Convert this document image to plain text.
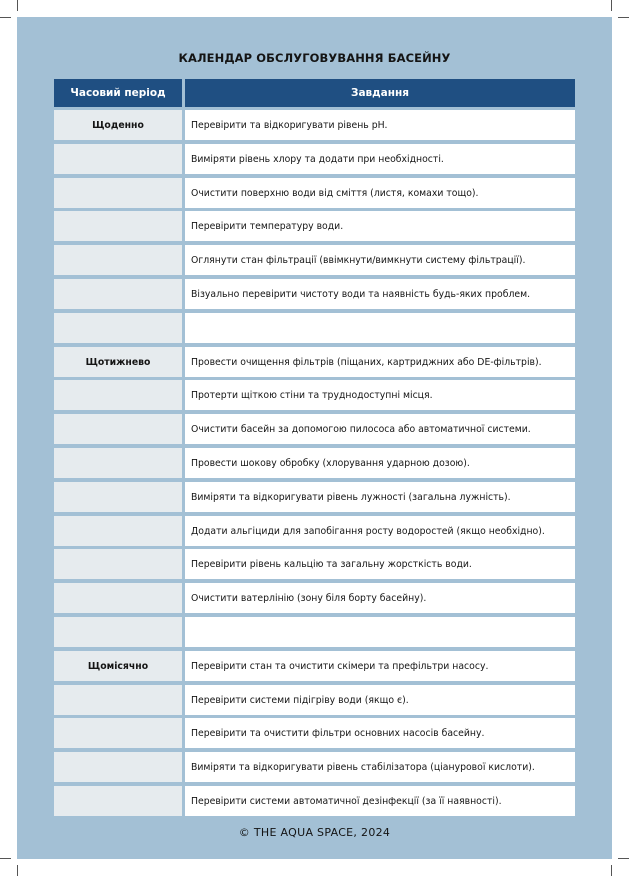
КАЛЕНДАР ОБСЛУГОВУВАННЯ БАСЕЙНУ
Часовий період	Завдання
Щоденно	Перевірити та відкоригувати рівень pH.
Виміряти рівень хлору та додати при необхідності.
Очистити поверхню води від сміття (листя, комахи тощо).
Перевірити температуру води.
Оглянути стан фільтрації (ввімкнути/вимкнути систему фільтрації).
Візуально перевірити чистоту води та наявність будь-яких проблем.
Щотижнево	Провести очищення фільтрів (піщаних, картриджних або DE-фільтрів).
Протерти щіткою стіни та труднодоступні місця.
Очистити басейн за допомогою пилососа або автоматичної системи.
Провести шокову обробку (хлорування ударною дозою).
Виміряти та відкоригувати рівень лужності (загальна лужність).
Додати альгіциди для запобігання росту водоростей (якщо необхідно).
Перевірити рівень кальцію та загальну жорсткість води.
Очистити ватерлінію (зону біля борту басейну).
Щомісячно	Перевірити стан та очистити скімери та префільтри насосу.
Перевірити системи підігріву води (якщо є).
Перевірити та очистити фільтри основних насосів басейну.
Виміряти та відкоригувати рівень стабілізатора (ціанурової кислоти).
Перевірити системи автоматичної дезінфекції (за її наявності).
© THE AQUA SPACE, 2024
